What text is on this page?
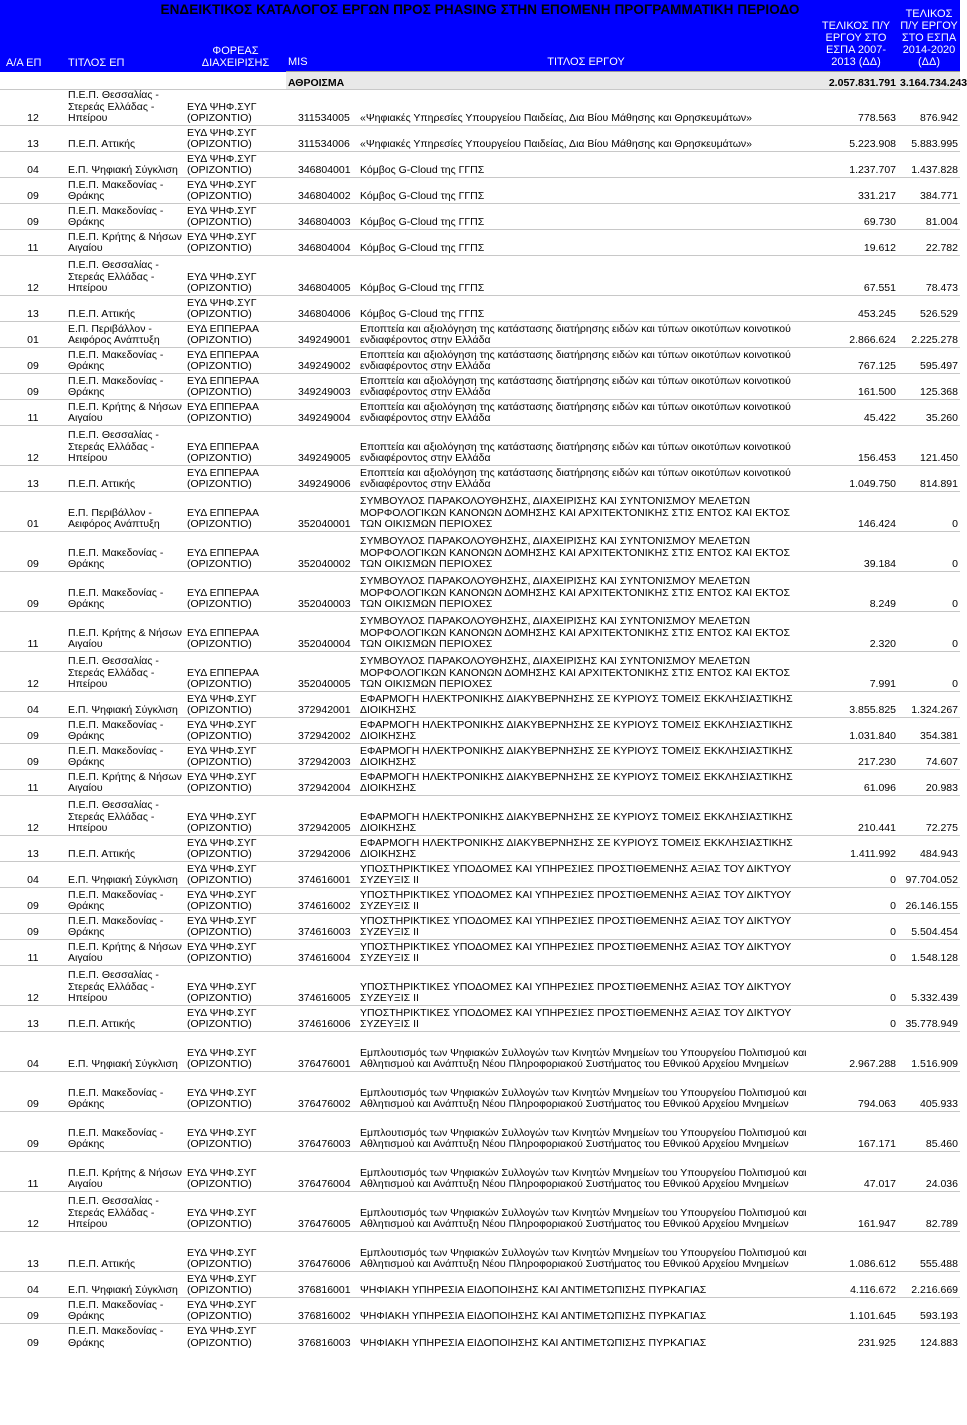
Α/Α ΕΠ	ΤΙΤΛΟΣ ΕΠ	ΦΟΡΕΑΣ ΔΙΑΧΕΙΡΙΣΗΣ	MIS	ΤΙΤΛΟΣ ΕΡΓΟΥ	ΤΕΛΙΚΟΣ Π/Υ ΕΡΓΟΥ ΣΤΟ ΕΣΠΑ 2007-2013 (ΔΔ)	ΤΕΛΙΚΟΣ Π/Υ ΕΡΓΟΥ ΣΤΟ ΕΣΠΑ 2014-2020 (ΔΔ)
			ΑΘΡΟΙΣΜΑ		2.057.831.791	3.164.734.243
12	Π.Ε.Π. Θεσσαλίας - Στερεάς Ελλάδας - Ηπείρου	ΕΥΔ ΨΗΦ.ΣΥΓ (ΟΡΙΖΟΝΤΙΟ)	311534005	«Ψηφιακές Υπηρεσίες Υπουργείου Παιδείας, Δια Βίου Μάθησης και Θρησκευμάτων»	778.563	876.942
13	Π.Ε.Π. Αττικής	ΕΥΔ ΨΗΦ.ΣΥΓ (ΟΡΙΖΟΝΤΙΟ)	311534006	«Ψηφιακές Υπηρεσίες Υπουργείου Παιδείας, Δια Βίου Μάθησης και Θρησκευμάτων»	5.223.908	5.883.995
04	Ε.Π. Ψηφιακή Σύγκλιση	ΕΥΔ ΨΗΦ.ΣΥΓ (ΟΡΙΖΟΝΤΙΟ)	346804001	Κόμβος G-Cloud της ΓΓΠΣ	1.237.707	1.437.828
09	Π.Ε.Π. Μακεδονίας - Θράκης	ΕΥΔ ΨΗΦ.ΣΥΓ (ΟΡΙΖΟΝΤΙΟ)	346804002	Κόμβος G-Cloud της ΓΓΠΣ	331.217	384.771
09	Π.Ε.Π. Μακεδονίας - Θράκης	ΕΥΔ ΨΗΦ.ΣΥΓ (ΟΡΙΖΟΝΤΙΟ)	346804003	Κόμβος G-Cloud της ΓΓΠΣ	69.730	81.004
11	Π.Ε.Π. Κρήτης & Νήσων Αιγαίου	ΕΥΔ ΨΗΦ.ΣΥΓ (ΟΡΙΖΟΝΤΙΟ)	346804004	Κόμβος G-Cloud της ΓΓΠΣ	19.612	22.782
12	Π.Ε.Π. Θεσσαλίας - Στερεάς Ελλάδας - Ηπείρου	ΕΥΔ ΨΗΦ.ΣΥΓ (ΟΡΙΖΟΝΤΙΟ)	346804005	Κόμβος G-Cloud της ΓΓΠΣ	67.551	78.473
13	Π.Ε.Π. Αττικής	ΕΥΔ ΨΗΦ.ΣΥΓ (ΟΡΙΖΟΝΤΙΟ)	346804006	Κόμβος G-Cloud της ΓΓΠΣ	453.245	526.529
01	Ε.Π. Περιβάλλον - Αειφόρος Ανάπτυξη	ΕΥΔ ΕΠΠΕΡΑΑ (ΟΡΙΖΟΝΤΙΟ)	349249001	Εποπτεία και αξιολόγηση της κατάστασης διατήρησης ειδών και τύπων οικοτύπων κοινοτικού ενδιαφέροντος στην Ελλάδα	2.866.624	2.225.278
09	Π.Ε.Π. Μακεδονίας - Θράκης	ΕΥΔ ΕΠΠΕΡΑΑ (ΟΡΙΖΟΝΤΙΟ)	349249002	Εποπτεία και αξιολόγηση της κατάστασης διατήρησης ειδών και τύπων οικοτύπων κοινοτικού ενδιαφέροντος στην Ελλάδα	767.125	595.497
09	Π.Ε.Π. Μακεδονίας - Θράκης	ΕΥΔ ΕΠΠΕΡΑΑ (ΟΡΙΖΟΝΤΙΟ)	349249003	Εποπτεία και αξιολόγηση της κατάστασης διατήρησης ειδών και τύπων οικοτύπων κοινοτικού ενδιαφέροντος στην Ελλάδα	161.500	125.368
11	Π.Ε.Π. Κρήτης & Νήσων Αιγαίου	ΕΥΔ ΕΠΠΕΡΑΑ (ΟΡΙΖΟΝΤΙΟ)	349249004	Εποπτεία και αξιολόγηση της κατάστασης διατήρησης ειδών και τύπων οικοτύπων κοινοτικού ενδιαφέροντος στην Ελλάδα	45.422	35.260
12	Π.Ε.Π. Θεσσαλίας - Στερεάς Ελλάδας - Ηπείρου	ΕΥΔ ΕΠΠΕΡΑΑ (ΟΡΙΖΟΝΤΙΟ)	349249005	Εποπτεία και αξιολόγηση της κατάστασης διατήρησης ειδών και τύπων οικοτύπων κοινοτικού ενδιαφέροντος στην Ελλάδα	156.453	121.450
13	Π.Ε.Π. Αττικής	ΕΥΔ ΕΠΠΕΡΑΑ (ΟΡΙΖΟΝΤΙΟ)	349249006	Εποπτεία και αξιολόγηση της κατάστασης διατήρησης ειδών και τύπων οικοτύπων κοινοτικού ενδιαφέροντος στην Ελλάδα	1.049.750	814.891
01	Ε.Π. Περιβάλλον - Αειφόρος Ανάπτυξη	ΕΥΔ ΕΠΠΕΡΑΑ (ΟΡΙΖΟΝΤΙΟ)	352040001	ΣΥΜΒΟΥΛΟΣ ΠΑΡΑΚΟΛΟΥΘΗΣΗΣ, ΔΙΑΧΕΙΡΙΣΗΣ ΚΑΙ ΣΥΝΤΟΝΙΣΜΟΥ ΜΕΛΕΤΩΝ ΜΟΡΦΟΛΟΓΙΚΩΝ ΚΑΝΟΝΩΝ ΔΟΜΗΣΗΣ ΚΑΙ ΑΡΧΙΤΕΚΤΟΝΙΚΗΣ ΣΤΙΣ ΕΝΤΟΣ ΚΑΙ ΕΚΤΟΣ ΤΩΝ ΟΙΚΙΣΜΩΝ ΠΕΡΙΟΧΕΣ	146.424	0
09	Π.Ε.Π. Μακεδονίας - Θράκης	ΕΥΔ ΕΠΠΕΡΑΑ (ΟΡΙΖΟΝΤΙΟ)	352040002	ΣΥΜΒΟΥΛΟΣ ΠΑΡΑΚΟΛΟΥΘΗΣΗΣ, ΔΙΑΧΕΙΡΙΣΗΣ ΚΑΙ ΣΥΝΤΟΝΙΣΜΟΥ ΜΕΛΕΤΩΝ ΜΟΡΦΟΛΟΓΙΚΩΝ ΚΑΝΟΝΩΝ ΔΟΜΗΣΗΣ ΚΑΙ ΑΡΧΙΤΕΚΤΟΝΙΚΗΣ ΣΤΙΣ ΕΝΤΟΣ ΚΑΙ ΕΚΤΟΣ ΤΩΝ ΟΙΚΙΣΜΩΝ ΠΕΡΙΟΧΕΣ	39.184	0
09	Π.Ε.Π. Μακεδονίας - Θράκης	ΕΥΔ ΕΠΠΕΡΑΑ (ΟΡΙΖΟΝΤΙΟ)	352040003	ΣΥΜΒΟΥΛΟΣ ΠΑΡΑΚΟΛΟΥΘΗΣΗΣ, ΔΙΑΧΕΙΡΙΣΗΣ ΚΑΙ ΣΥΝΤΟΝΙΣΜΟΥ ΜΕΛΕΤΩΝ ΜΟΡΦΟΛΟΓΙΚΩΝ ΚΑΝΟΝΩΝ ΔΟΜΗΣΗΣ ΚΑΙ ΑΡΧΙΤΕΚΤΟΝΙΚΗΣ ΣΤΙΣ ΕΝΤΟΣ ΚΑΙ ΕΚΤΟΣ ΤΩΝ ΟΙΚΙΣΜΩΝ ΠΕΡΙΟΧΕΣ	8.249	0
11	Π.Ε.Π. Κρήτης & Νήσων Αιγαίου	ΕΥΔ ΕΠΠΕΡΑΑ (ΟΡΙΖΟΝΤΙΟ)	352040004	ΣΥΜΒΟΥΛΟΣ ΠΑΡΑΚΟΛΟΥΘΗΣΗΣ, ΔΙΑΧΕΙΡΙΣΗΣ ΚΑΙ ΣΥΝΤΟΝΙΣΜΟΥ ΜΕΛΕΤΩΝ ΜΟΡΦΟΛΟΓΙΚΩΝ ΚΑΝΟΝΩΝ ΔΟΜΗΣΗΣ ΚΑΙ ΑΡΧΙΤΕΚΤΟΝΙΚΗΣ ΣΤΙΣ ΕΝΤΟΣ ΚΑΙ ΕΚΤΟΣ ΤΩΝ ΟΙΚΙΣΜΩΝ ΠΕΡΙΟΧΕΣ	2.320	0
12	Π.Ε.Π. Θεσσαλίας - Στερεάς Ελλάδας - Ηπείρου	ΕΥΔ ΕΠΠΕΡΑΑ (ΟΡΙΖΟΝΤΙΟ)	352040005	ΣΥΜΒΟΥΛΟΣ ΠΑΡΑΚΟΛΟΥΘΗΣΗΣ, ΔΙΑΧΕΙΡΙΣΗΣ ΚΑΙ ΣΥΝΤΟΝΙΣΜΟΥ ΜΕΛΕΤΩΝ ΜΟΡΦΟΛΟΓΙΚΩΝ ΚΑΝΟΝΩΝ ΔΟΜΗΣΗΣ ΚΑΙ ΑΡΧΙΤΕΚΤΟΝΙΚΗΣ ΣΤΙΣ ΕΝΤΟΣ ΚΑΙ ΕΚΤΟΣ ΤΩΝ ΟΙΚΙΣΜΩΝ ΠΕΡΙΟΧΕΣ	7.991	0
04	Ε.Π. Ψηφιακή Σύγκλιση	ΕΥΔ ΨΗΦ.ΣΥΓ (ΟΡΙΖΟΝΤΙΟ)	372942001	ΕΦΑΡΜΟΓΗ ΗΛΕΚΤΡΟΝΙΚΗΣ ΔΙΑΚΥΒΕΡΝΗΣΗΣ ΣΕ ΚΥΡΙΟΥΣ ΤΟΜΕΙΣ ΕΚΚΛΗΣΙΑΣΤΙΚΗΣ ΔΙΟΙΚΗΣΗΣ	3.855.825	1.324.267
09	Π.Ε.Π. Μακεδονίας - Θράκης	ΕΥΔ ΨΗΦ.ΣΥΓ (ΟΡΙΖΟΝΤΙΟ)	372942002	ΕΦΑΡΜΟΓΗ ΗΛΕΚΤΡΟΝΙΚΗΣ ΔΙΑΚΥΒΕΡΝΗΣΗΣ ΣΕ ΚΥΡΙΟΥΣ ΤΟΜΕΙΣ ΕΚΚΛΗΣΙΑΣΤΙΚΗΣ ΔΙΟΙΚΗΣΗΣ	1.031.840	354.381
09	Π.Ε.Π. Μακεδονίας - Θράκης	ΕΥΔ ΨΗΦ.ΣΥΓ (ΟΡΙΖΟΝΤΙΟ)	372942003	ΕΦΑΡΜΟΓΗ ΗΛΕΚΤΡΟΝΙΚΗΣ ΔΙΑΚΥΒΕΡΝΗΣΗΣ ΣΕ ΚΥΡΙΟΥΣ ΤΟΜΕΙΣ ΕΚΚΛΗΣΙΑΣΤΙΚΗΣ ΔΙΟΙΚΗΣΗΣ	217.230	74.607
11	Π.Ε.Π. Κρήτης & Νήσων Αιγαίου	ΕΥΔ ΨΗΦ.ΣΥΓ (ΟΡΙΖΟΝΤΙΟ)	372942004	ΕΦΑΡΜΟΓΗ ΗΛΕΚΤΡΟΝΙΚΗΣ ΔΙΑΚΥΒΕΡΝΗΣΗΣ ΣΕ ΚΥΡΙΟΥΣ ΤΟΜΕΙΣ ΕΚΚΛΗΣΙΑΣΤΙΚΗΣ ΔΙΟΙΚΗΣΗΣ	61.096	20.983
12	Π.Ε.Π. Θεσσαλίας - Στερεάς Ελλάδας - Ηπείρου	ΕΥΔ ΨΗΦ.ΣΥΓ (ΟΡΙΖΟΝΤΙΟ)	372942005	ΕΦΑΡΜΟΓΗ ΗΛΕΚΤΡΟΝΙΚΗΣ ΔΙΑΚΥΒΕΡΝΗΣΗΣ ΣΕ ΚΥΡΙΟΥΣ ΤΟΜΕΙΣ ΕΚΚΛΗΣΙΑΣΤΙΚΗΣ ΔΙΟΙΚΗΣΗΣ	210.441	72.275
13	Π.Ε.Π. Αττικής	ΕΥΔ ΨΗΦ.ΣΥΓ (ΟΡΙΖΟΝΤΙΟ)	372942006	ΕΦΑΡΜΟΓΗ ΗΛΕΚΤΡΟΝΙΚΗΣ ΔΙΑΚΥΒΕΡΝΗΣΗΣ ΣΕ ΚΥΡΙΟΥΣ ΤΟΜΕΙΣ ΕΚΚΛΗΣΙΑΣΤΙΚΗΣ ΔΙΟΙΚΗΣΗΣ	1.411.992	484.943
04	Ε.Π. Ψηφιακή Σύγκλιση	ΕΥΔ ΨΗΦ.ΣΥΓ (ΟΡΙΖΟΝΤΙΟ)	374616001	ΥΠΟΣΤΗΡΙΚΤΙΚΕΣ ΥΠΟΔΟΜΕΣ ΚΑΙ ΥΠΗΡΕΣΙΕΣ ΠΡΟΣΤΙΘΕΜΕΝΗΣ ΑΞΙΑΣ ΤΟΥ ΔΙΚΤΥΟΥ ΣΥΖΕΥΞΙΣ ΙΙ	0	97.704.052
09	Π.Ε.Π. Μακεδονίας - Θράκης	ΕΥΔ ΨΗΦ.ΣΥΓ (ΟΡΙΖΟΝΤΙΟ)	374616002	ΥΠΟΣΤΗΡΙΚΤΙΚΕΣ ΥΠΟΔΟΜΕΣ ΚΑΙ ΥΠΗΡΕΣΙΕΣ ΠΡΟΣΤΙΘΕΜΕΝΗΣ ΑΞΙΑΣ ΤΟΥ ΔΙΚΤΥΟΥ ΣΥΖΕΥΞΙΣ ΙΙ	0	26.146.155
09	Π.Ε.Π. Μακεδονίας - Θράκης	ΕΥΔ ΨΗΦ.ΣΥΓ (ΟΡΙΖΟΝΤΙΟ)	374616003	ΥΠΟΣΤΗΡΙΚΤΙΚΕΣ ΥΠΟΔΟΜΕΣ ΚΑΙ ΥΠΗΡΕΣΙΕΣ ΠΡΟΣΤΙΘΕΜΕΝΗΣ ΑΞΙΑΣ ΤΟΥ ΔΙΚΤΥΟΥ ΣΥΖΕΥΞΙΣ ΙΙ	0	5.504.454
11	Π.Ε.Π. Κρήτης & Νήσων Αιγαίου	ΕΥΔ ΨΗΦ.ΣΥΓ (ΟΡΙΖΟΝΤΙΟ)	374616004	ΥΠΟΣΤΗΡΙΚΤΙΚΕΣ ΥΠΟΔΟΜΕΣ ΚΑΙ ΥΠΗΡΕΣΙΕΣ ΠΡΟΣΤΙΘΕΜΕΝΗΣ ΑΞΙΑΣ ΤΟΥ ΔΙΚΤΥΟΥ ΣΥΖΕΥΞΙΣ ΙΙ	0	1.548.128
12	Π.Ε.Π. Θεσσαλίας - Στερεάς Ελλάδας - Ηπείρου	ΕΥΔ ΨΗΦ.ΣΥΓ (ΟΡΙΖΟΝΤΙΟ)	374616005	ΥΠΟΣΤΗΡΙΚΤΙΚΕΣ ΥΠΟΔΟΜΕΣ ΚΑΙ ΥΠΗΡΕΣΙΕΣ ΠΡΟΣΤΙΘΕΜΕΝΗΣ ΑΞΙΑΣ ΤΟΥ ΔΙΚΤΥΟΥ ΣΥΖΕΥΞΙΣ ΙΙ	0	5.332.439
13	Π.Ε.Π. Αττικής	ΕΥΔ ΨΗΦ.ΣΥΓ (ΟΡΙΖΟΝΤΙΟ)	374616006	ΥΠΟΣΤΗΡΙΚΤΙΚΕΣ ΥΠΟΔΟΜΕΣ ΚΑΙ ΥΠΗΡΕΣΙΕΣ ΠΡΟΣΤΙΘΕΜΕΝΗΣ ΑΞΙΑΣ ΤΟΥ ΔΙΚΤΥΟΥ ΣΥΖΕΥΞΙΣ ΙΙ	0	35.778.949
04	Ε.Π. Ψηφιακή Σύγκλιση	ΕΥΔ ΨΗΦ.ΣΥΓ (ΟΡΙΖΟΝΤΙΟ)	376476001	Εμπλουτισμός των Ψηφιακών Συλλογών των Κινητών Μνημείων του Υπουργείου Πολιτισμού και Αθλητισμού και Ανάπτυξη Νέου Πληροφοριακού Συστήματος του Εθνικού Αρχείου Μνημείων	2.967.288	1.516.909
09	Π.Ε.Π. Μακεδονίας - Θράκης	ΕΥΔ ΨΗΦ.ΣΥΓ (ΟΡΙΖΟΝΤΙΟ)	376476002	Εμπλουτισμός των Ψηφιακών Συλλογών των Κινητών Μνημείων του Υπουργείου Πολιτισμού και Αθλητισμού και Ανάπτυξη Νέου Πληροφοριακού Συστήματος του Εθνικού Αρχείου Μνημείων	794.063	405.933
09	Π.Ε.Π. Μακεδονίας - Θράκης	ΕΥΔ ΨΗΦ.ΣΥΓ (ΟΡΙΖΟΝΤΙΟ)	376476003	Εμπλουτισμός των Ψηφιακών Συλλογών των Κινητών Μνημείων του Υπουργείου Πολιτισμού και Αθλητισμού και Ανάπτυξη Νέου Πληροφοριακού Συστήματος του Εθνικού Αρχείου Μνημείων	167.171	85.460
11	Π.Ε.Π. Κρήτης & Νήσων Αιγαίου	ΕΥΔ ΨΗΦ.ΣΥΓ (ΟΡΙΖΟΝΤΙΟ)	376476004	Εμπλουτισμός των Ψηφιακών Συλλογών των Κινητών Μνημείων του Υπουργείου Πολιτισμού και Αθλητισμού και Ανάπτυξη Νέου Πληροφοριακού Συστήματος του Εθνικού Αρχείου Μνημείων	47.017	24.036
12	Π.Ε.Π. Θεσσαλίας - Στερεάς Ελλάδας - Ηπείρου	ΕΥΔ ΨΗΦ.ΣΥΓ (ΟΡΙΖΟΝΤΙΟ)	376476005	Εμπλουτισμός των Ψηφιακών Συλλογών των Κινητών Μνημείων του Υπουργείου Πολιτισμού και Αθλητισμού και Ανάπτυξη Νέου Πληροφοριακού Συστήματος του Εθνικού Αρχείου Μνημείων	161.947	82.789
13	Π.Ε.Π. Αττικής	ΕΥΔ ΨΗΦ.ΣΥΓ (ΟΡΙΖΟΝΤΙΟ)	376476006	Εμπλουτισμός των Ψηφιακών Συλλογών των Κινητών Μνημείων του Υπουργείου Πολιτισμού και Αθλητισμού και Ανάπτυξη Νέου Πληροφοριακού Συστήματος του Εθνικού Αρχείου Μνημείων	1.086.612	555.488
04	Ε.Π. Ψηφιακή Σύγκλιση	ΕΥΔ ΨΗΦ.ΣΥΓ (ΟΡΙΖΟΝΤΙΟ)	376816001	ΨΗΦΙΑΚΗ ΥΠΗΡΕΣΙΑ ΕΙΔΟΠΟΙΗΣΗΣ ΚΑΙ ΑΝΤΙΜΕΤΩΠΙΣΗΣ ΠΥΡΚΑΓΙΑΣ	4.116.672	2.216.669
09	Π.Ε.Π. Μακεδονίας - Θράκης	ΕΥΔ ΨΗΦ.ΣΥΓ (ΟΡΙΖΟΝΤΙΟ)	376816002	ΨΗΦΙΑΚΗ ΥΠΗΡΕΣΙΑ ΕΙΔΟΠΟΙΗΣΗΣ ΚΑΙ ΑΝΤΙΜΕΤΩΠΙΣΗΣ ΠΥΡΚΑΓΙΑΣ	1.101.645	593.193
09	Π.Ε.Π. Μακεδονίας - Θράκης	ΕΥΔ ΨΗΦ.ΣΥΓ (ΟΡΙΖΟΝΤΙΟ)	376816003	ΨΗΦΙΑΚΗ ΥΠΗΡΕΣΙΑ ΕΙΔΟΠΟΙΗΣΗΣ ΚΑΙ ΑΝΤΙΜΕΤΩΠΙΣΗΣ ΠΥΡΚΑΓΙΑΣ	231.925	124.883
ΕΝΔΕΙΚΤΙΚΟΣ ΚΑΤΑΛΟΓΟΣ ΕΡΓΩΝ ΠΡΟΣ PHASING ΣΤΗΝ ΕΠΟΜΕΝΗ ΠΡΟΓΡΑΜΜΑΤΙΚΗ ΠΕΡΙΟΔΟ
